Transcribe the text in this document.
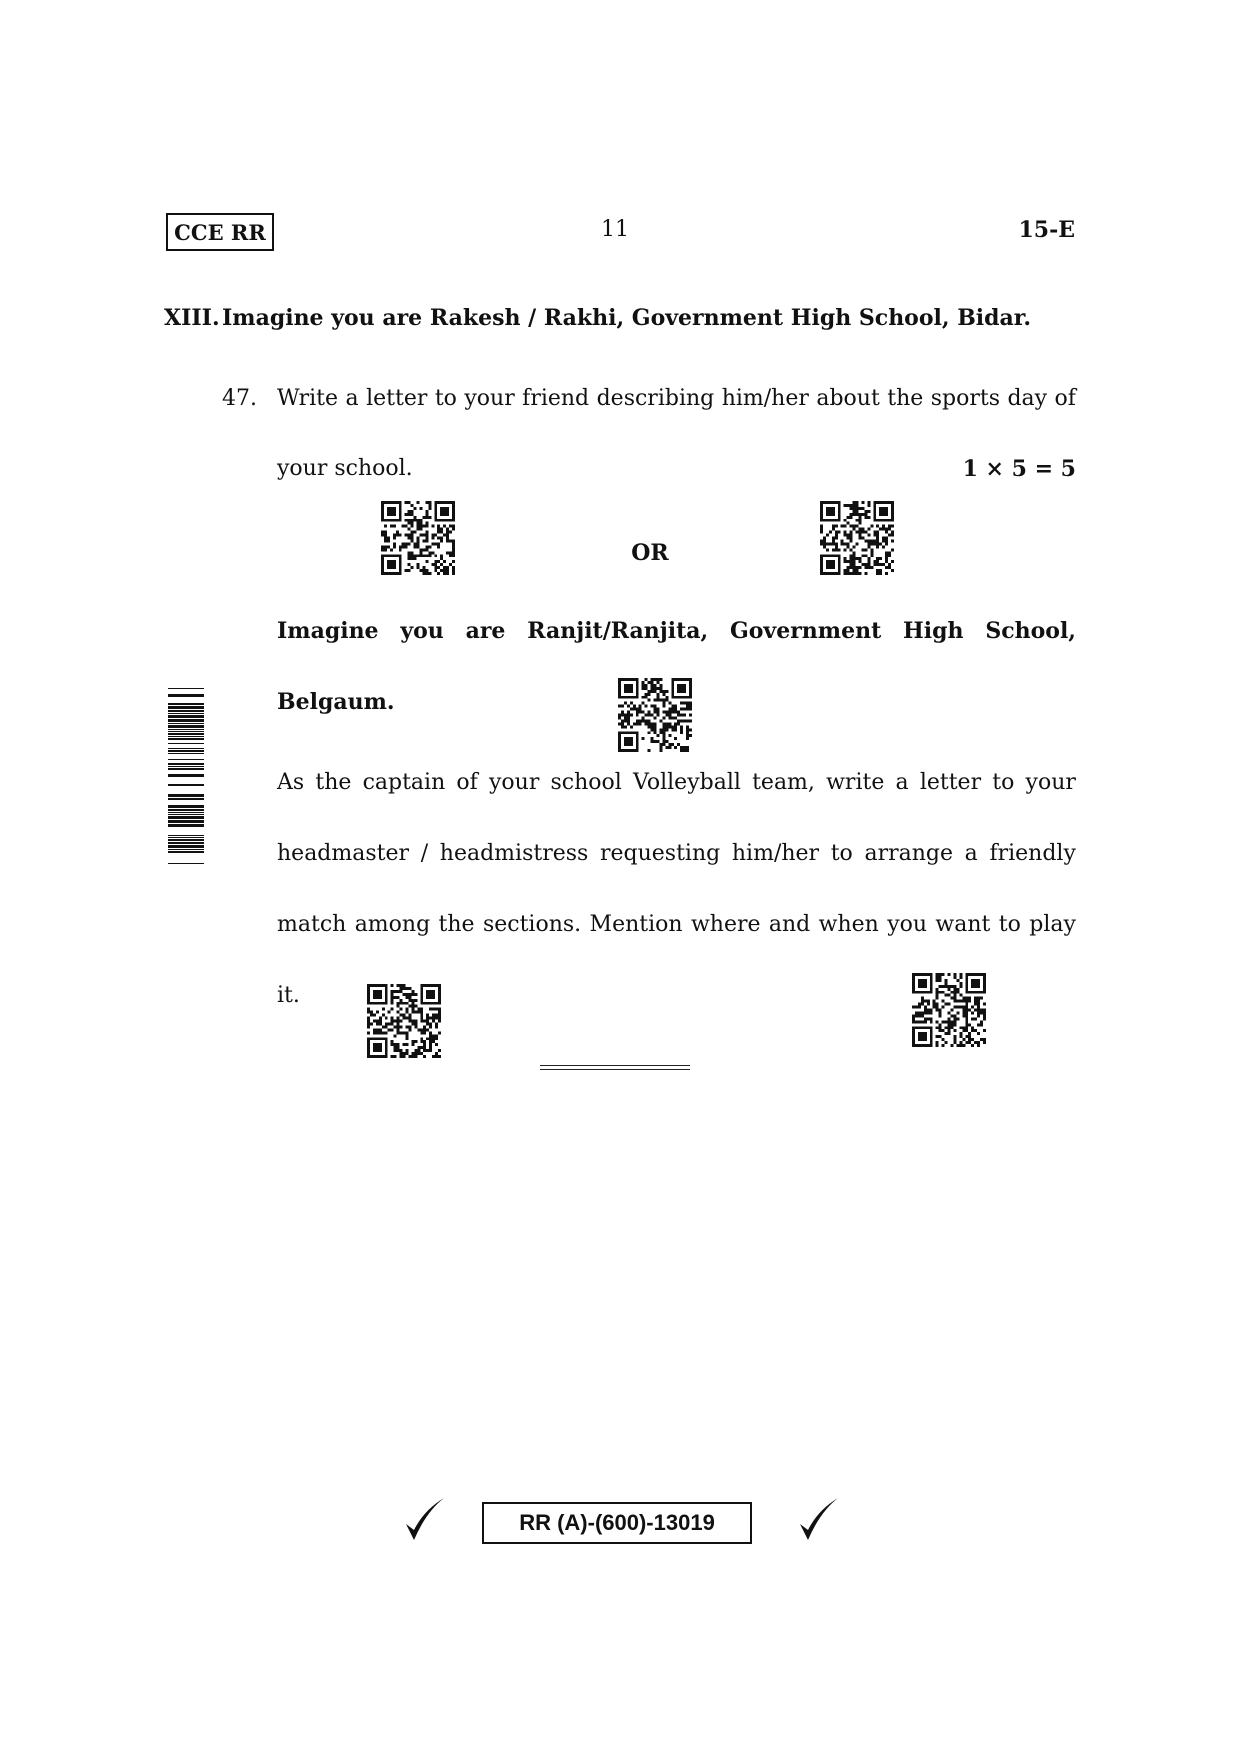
CCE RR	11	15-E
XIII. Imagine you are Rakesh / Rakhi, Government High School, Bidar.
47. Write a letter to your friend describing him/her about the sports day of
your school.	1 × 5 = 5
OR
Imagine you are Ranjit/Ranjita, Government High School,
Belgaum.
As the captain of your school Volleyball team, write a letter to your
headmaster / headmistress requesting him/her to arrange a friendly
match among the sections. Mention where and when you want to play
it.
RR (A)-(600)-13019
